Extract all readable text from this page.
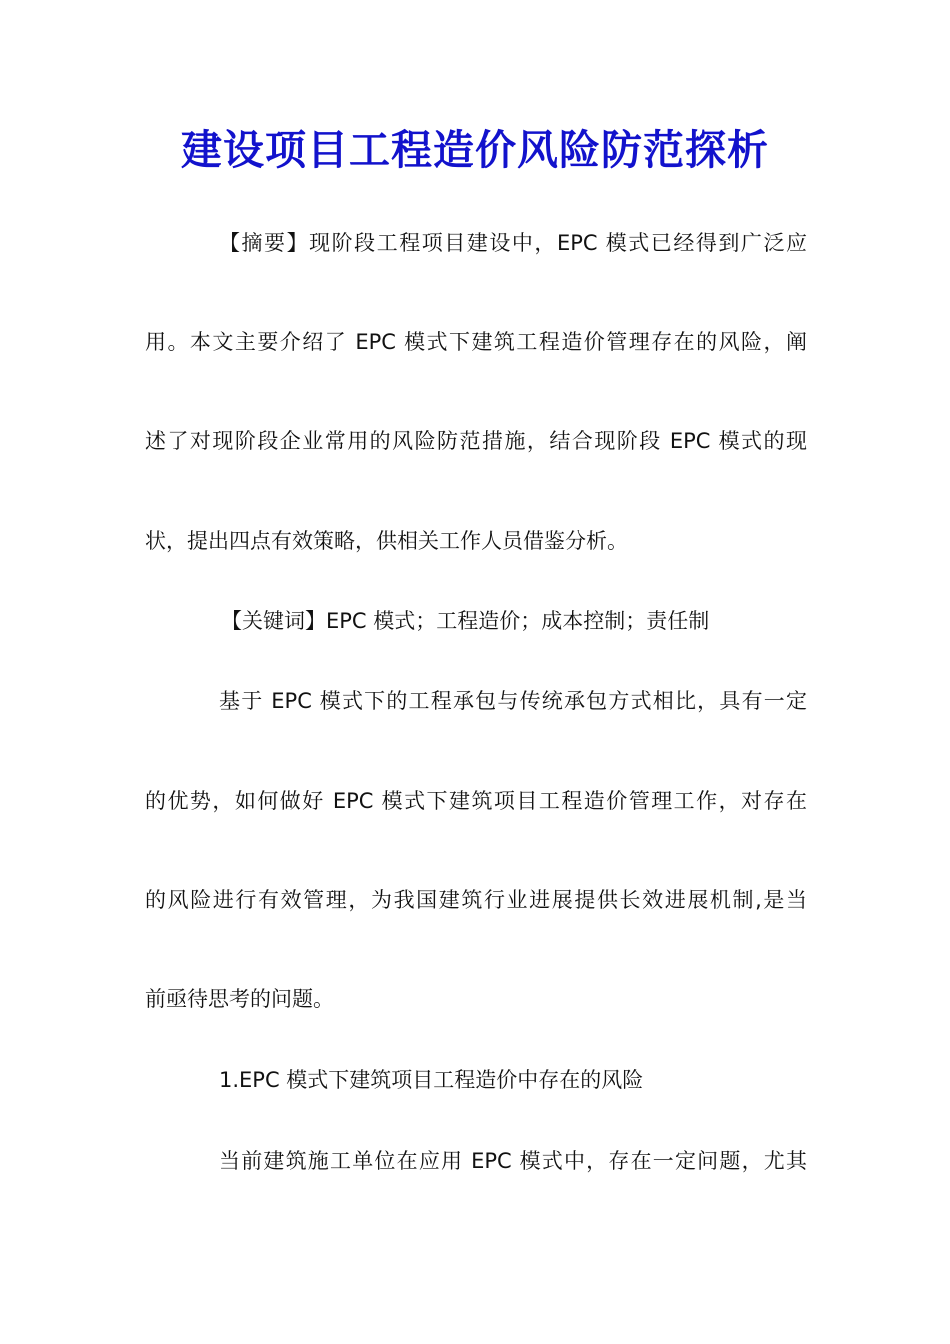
建设项目工程造价风险防范探析
【摘要】现阶段工程项目建设中，EPC 模式已经得到广泛应
用。本文主要介绍了 EPC 模式下建筑工程造价管理存在的风险，阐
述了对现阶段企业常用的风险防范措施，结合现阶段 EPC 模式的现
状，提出四点有效策略，供相关工作人员借鉴分析。
【关键词】EPC 模式；工程造价；成本控制；责任制
基于 EPC 模式下的工程承包与传统承包方式相比，具有一定
的优势，如何做好 EPC 模式下建筑项目工程造价管理工作，对存在
的风险进行有效管理，为我国建筑行业进展提供长效进展机制,是当
前亟待思考的问题。
1.EPC 模式下建筑项目工程造价中存在的风险
当前建筑施工单位在应用 EPC 模式中，存在一定问题，尤其
